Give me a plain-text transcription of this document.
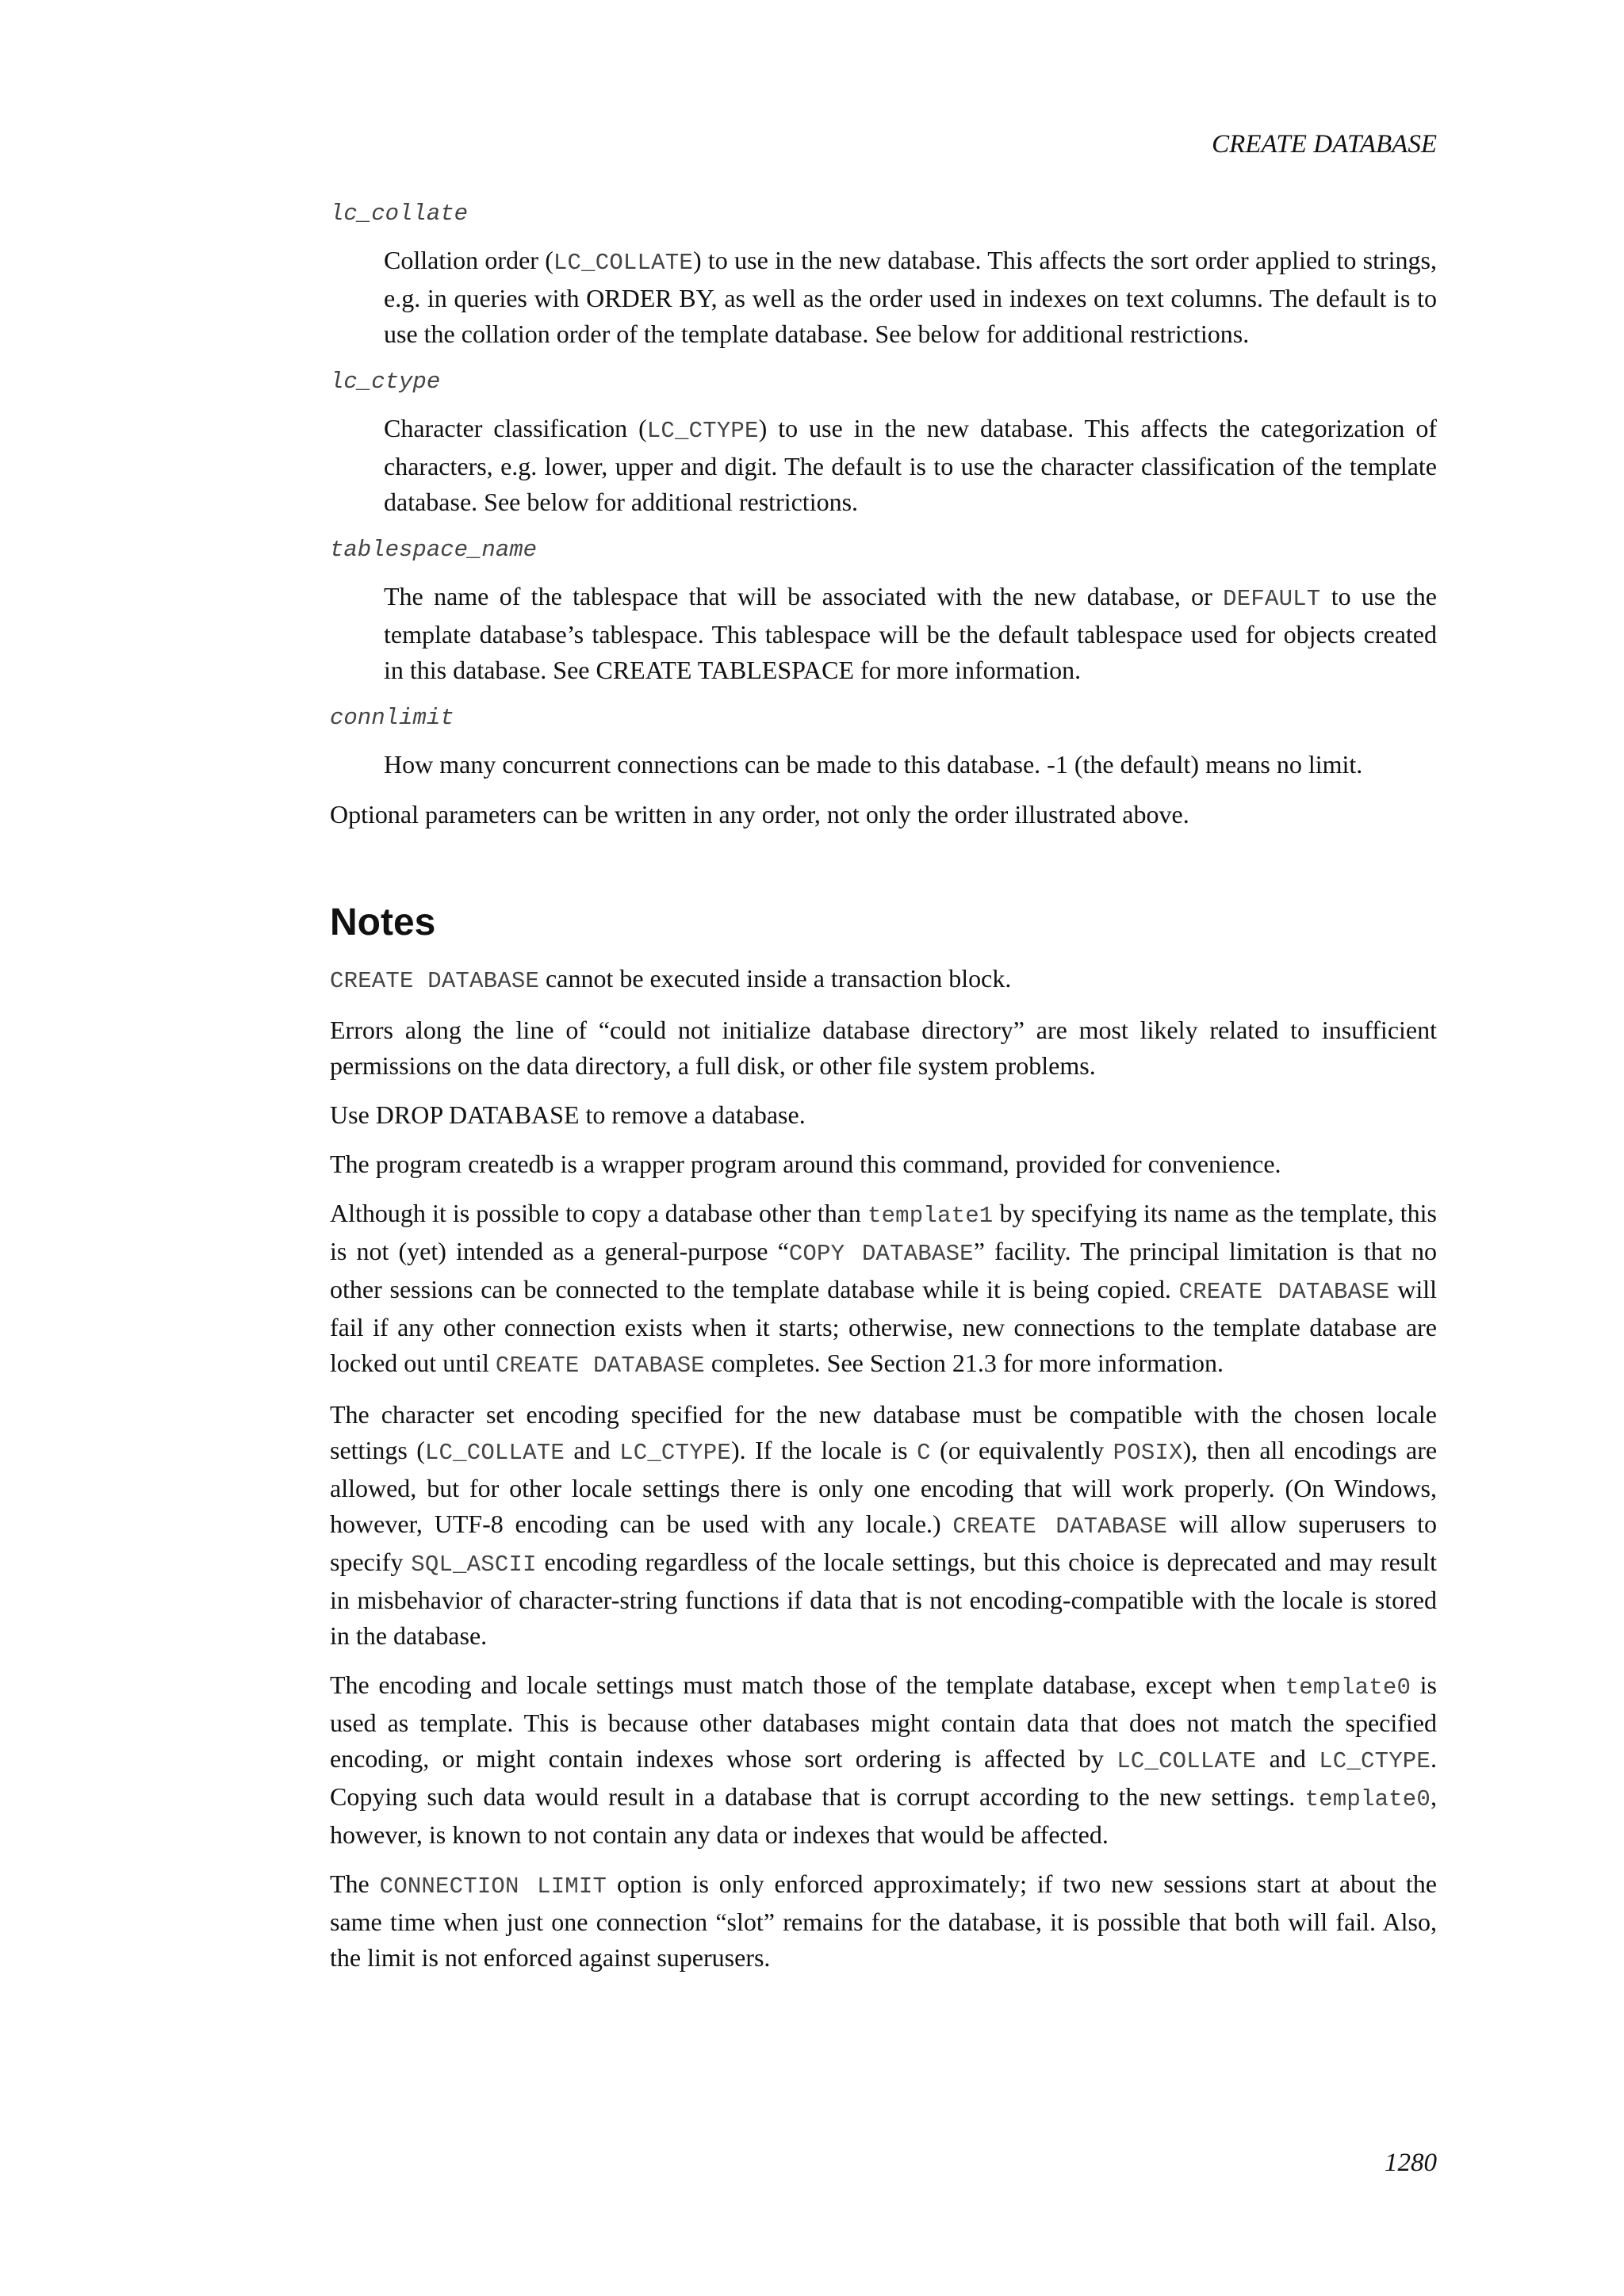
CREATE DATABASE
lc_collate
Collation order (LC_COLLATE) to use in the new database. This affects the sort order applied to strings, e.g. in queries with ORDER BY, as well as the order used in indexes on text columns. The default is to use the collation order of the template database. See below for additional restrictions.
lc_ctype
Character classification (LC_CTYPE) to use in the new database. This affects the categorization of characters, e.g. lower, upper and digit. The default is to use the character classification of the template database. See below for additional restrictions.
tablespace_name
The name of the tablespace that will be associated with the new database, or DEFAULT to use the template database’s tablespace. This tablespace will be the default tablespace used for objects created in this database. See CREATE TABLESPACE for more information.
connlimit
How many concurrent connections can be made to this database. -1 (the default) means no limit.

Optional parameters can be written in any order, not only the order illustrated above.

Notes

CREATE DATABASE cannot be executed inside a transaction block.

Errors along the line of “could not initialize database directory” are most likely related to insufficient permissions on the data directory, a full disk, or other file system problems.

Use DROP DATABASE to remove a database.

The program createdb is a wrapper program around this command, provided for convenience.

Although it is possible to copy a database other than template1 by specifying its name as the template, this is not (yet) intended as a general-purpose “COPY DATABASE” facility. The principal limitation is that no other sessions can be connected to the template database while it is being copied. CREATE DATABASE will fail if any other connection exists when it starts; otherwise, new connections to the template database are locked out until CREATE DATABASE completes. See Section 21.3 for more information.

The character set encoding specified for the new database must be compatible with the chosen locale settings (LC_COLLATE and LC_CTYPE). If the locale is C (or equivalently POSIX), then all encodings are allowed, but for other locale settings there is only one encoding that will work properly. (On Windows, however, UTF-8 encoding can be used with any locale.) CREATE DATABASE will allow superusers to specify SQL_ASCII encoding regardless of the locale settings, but this choice is deprecated and may result in misbehavior of character-string functions if data that is not encoding-compatible with the locale is stored in the database.

The encoding and locale settings must match those of the template database, except when template0 is used as template. This is because other databases might contain data that does not match the specified encoding, or might contain indexes whose sort ordering is affected by LC_COLLATE and LC_CTYPE. Copying such data would result in a database that is corrupt according to the new settings. template0, however, is known to not contain any data or indexes that would be affected.

The CONNECTION LIMIT option is only enforced approximately; if two new sessions start at about the same time when just one connection “slot” remains for the database, it is possible that both will fail. Also, the limit is not enforced against superusers.

1280
